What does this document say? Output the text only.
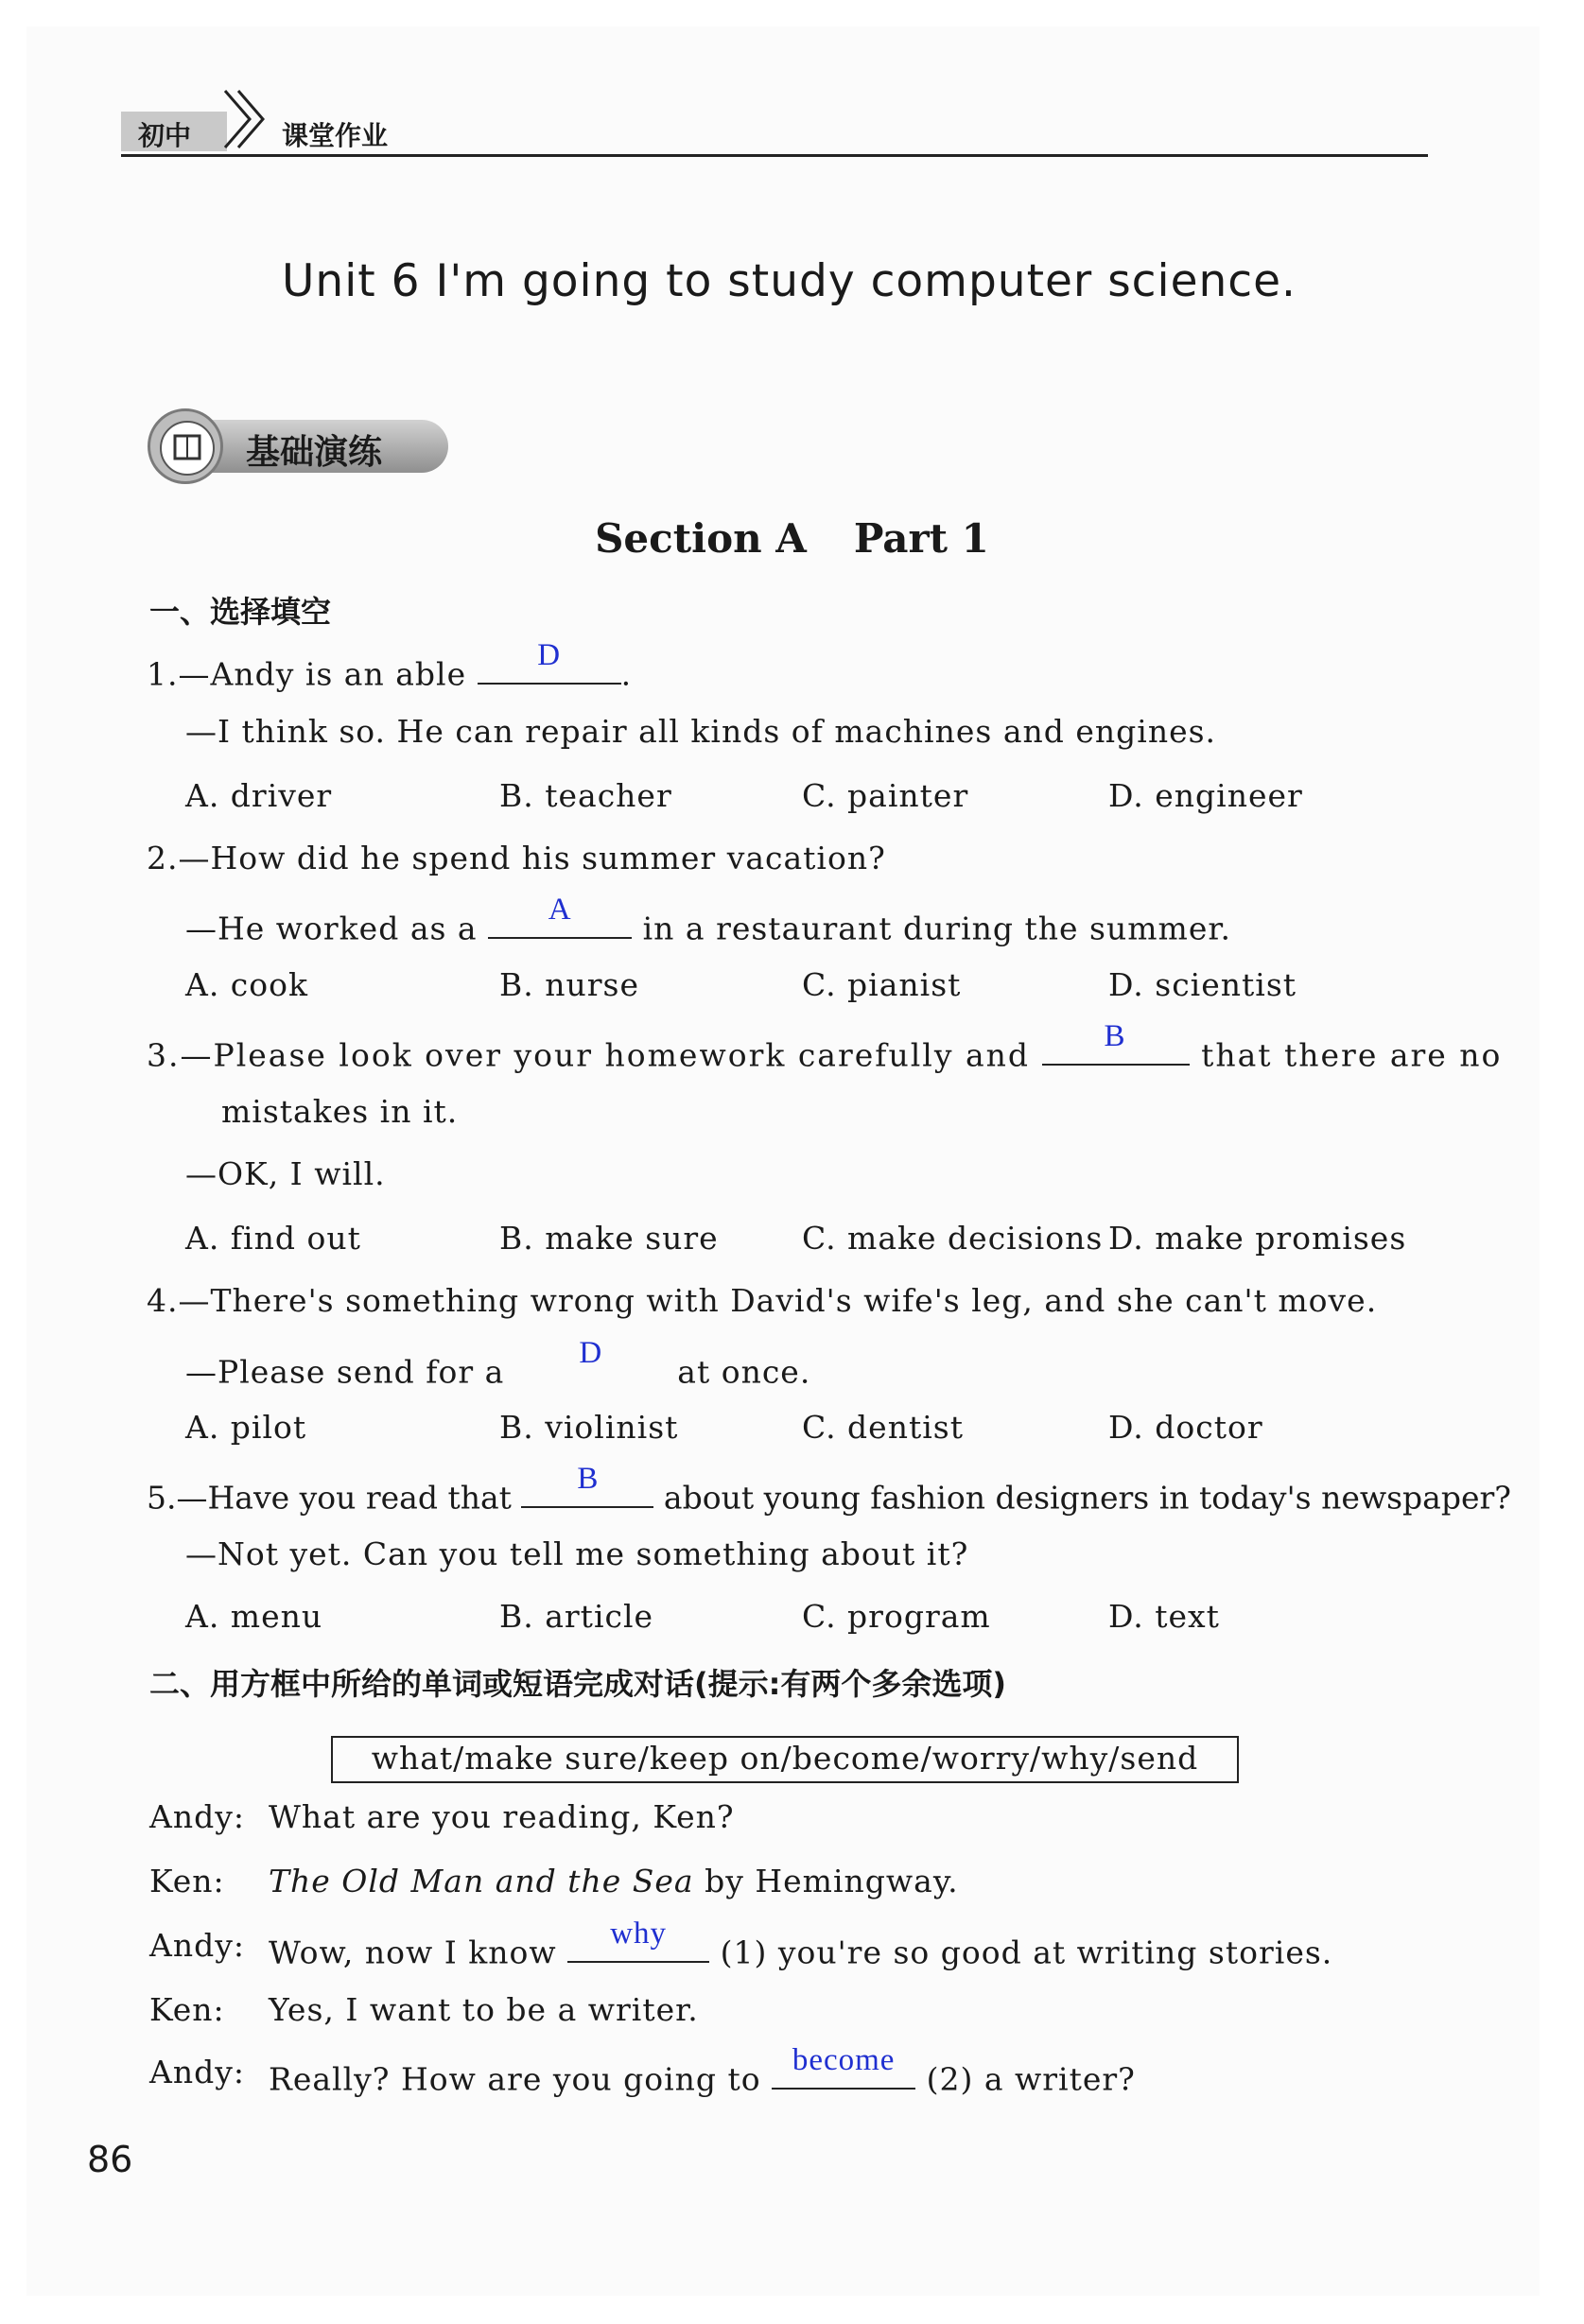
初中	课堂作业
Unit 6 I'm going to study computer science.
基础演练
Section A Part 1
一、选择填空
1.—Andy is an able	D	.
—I think so. He can repair all kinds of machines and engines.
A. driver	B. teacher	C. painter	D. engineer
2.—How did he spend his summer vacation?
—He worked as a	A	in a restaurant during the summer.
A. cook	B. nurse	C. pianist	D. scientist
3.—Please look over your homework carefully and	B	that there are no
mistakes in it.
—OK, I will.
A. find out	B. make sure	C. make decisions D. make promises
4.—There's something wrong with David's wife's leg, and she can't move.
—Please send for a	D	at once.
A. pilot	B. violinist	C. dentist	D. doctor
5.—Have you read that	B	about young fashion designers in today's newspaper?
—Not yet. Can you tell me something about it?
A. menu	B. article	C. program	D. text
二、用方框中所给的单词或短语完成对话(提示:有两个多余选项)
what/make sure/keep on/become/worry/why/send
Andy: What are you reading, Ken?
Ken: The Old Man and the Sea by Hemingway.
Andy: Wow, now I know	why	(1) you're so good at writing stories.
Ken: Yes, I want to be a writer.
Andy: Really? How are you going to	become	(2) a writer?
86
